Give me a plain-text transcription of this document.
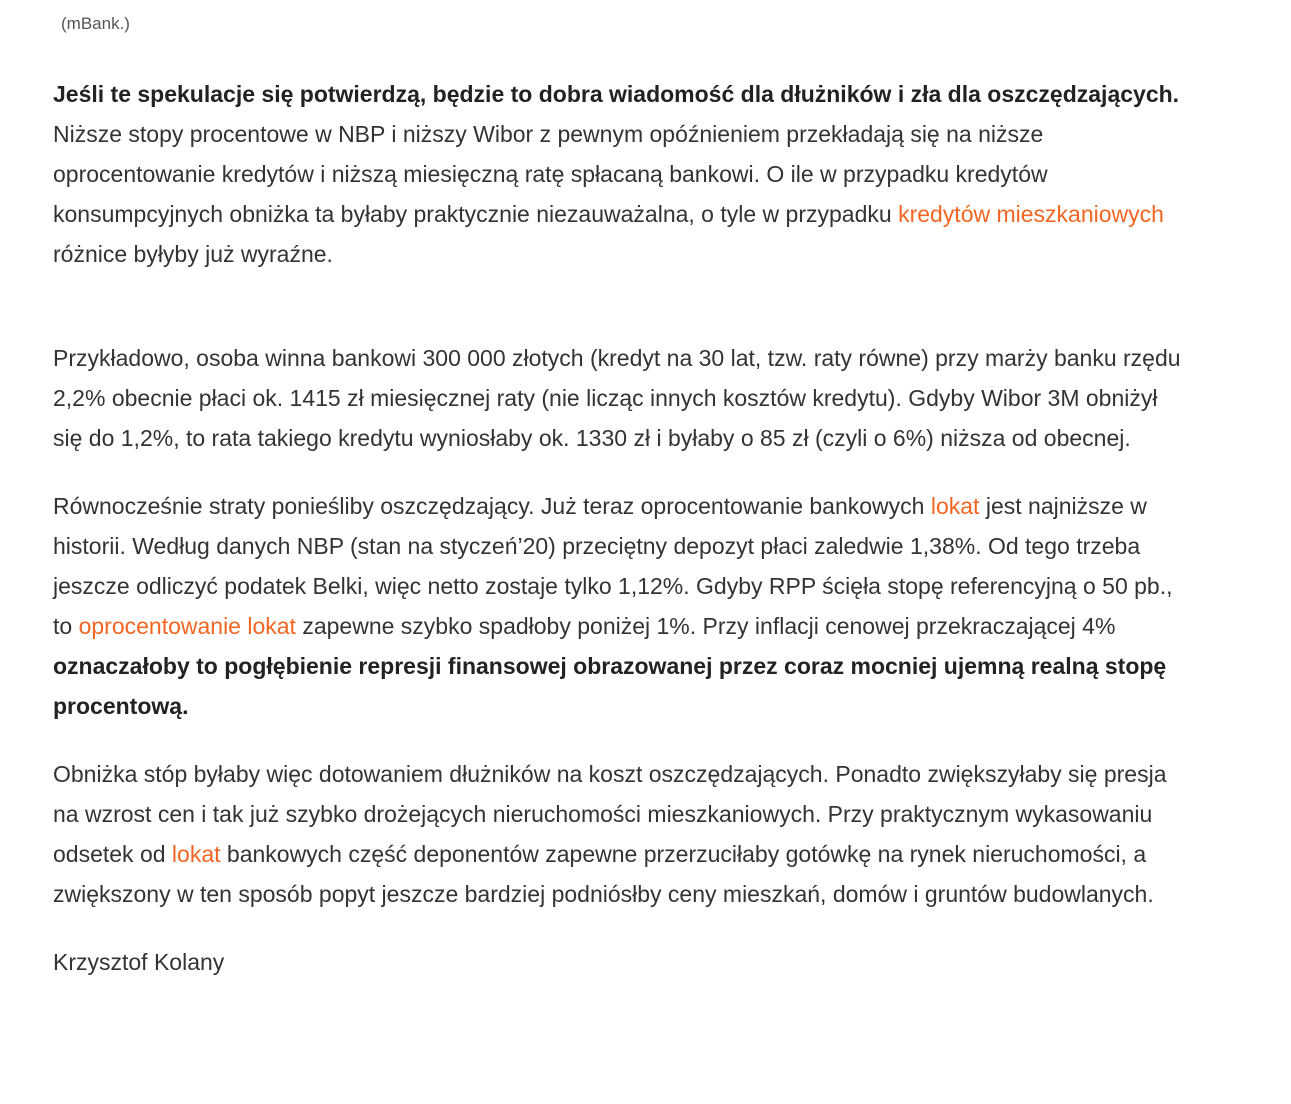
(mBank.)

Jeśli te spekulacje się potwierdzą, będzie to dobra wiadomość dla dłużników i zła dla oszczędzających. Niższe stopy procentowe w NBP i niższy Wibor z pewnym opóźnieniem przekładają się na niższe oprocentowanie kredytów i niższą miesięczną ratę spłacaną bankowi. O ile w przypadku kredytów konsumpcyjnych obniżka ta byłaby praktycznie niezauważalna, o tyle w przypadku kredytów mieszkaniowych różnice byłyby już wyraźne.

Przykładowo, osoba winna bankowi 300 000 złotych (kredyt na 30 lat, tzw. raty równe) przy marży banku rzędu 2,2% obecnie płaci ok. 1415 zł miesięcznej raty (nie licząc innych kosztów kredytu). Gdyby Wibor 3M obniżył się do 1,2%, to rata takiego kredytu wyniosłaby ok. 1330 zł i byłaby o 85 zł (czyli o 6%) niższa od obecnej.

Równocześnie straty ponieśliby oszczędzający. Już teraz oprocentowanie bankowych lokat jest najniższe w historii. Według danych NBP (stan na styczeń’20) przeciętny depozyt płaci zaledwie 1,38%. Od tego trzeba jeszcze odliczyć podatek Belki, więc netto zostaje tylko 1,12%. Gdyby RPP ścięła stopę referencyjną o 50 pb., to oprocentowanie lokat zapewne szybko spadłoby poniżej 1%. Przy inflacji cenowej przekraczającej 4% oznaczałoby to pogłębienie represji finansowej obrazowanej przez coraz mocniej ujemną realną stopę procentową.

Obniżka stóp byłaby więc dotowaniem dłużników na koszt oszczędzających. Ponadto zwiększyłaby się presja na wzrost cen i tak już szybko drożejących nieruchomości mieszkaniowych. Przy praktycznym wykasowaniu odsetek od lokat bankowych część deponentów zapewne przerzuciłaby gotówkę na rynek nieruchomości, a zwiększony w ten sposób popyt jeszcze bardziej podniósłby ceny mieszkań, domów i gruntów budowlanych.

Krzysztof Kolany
